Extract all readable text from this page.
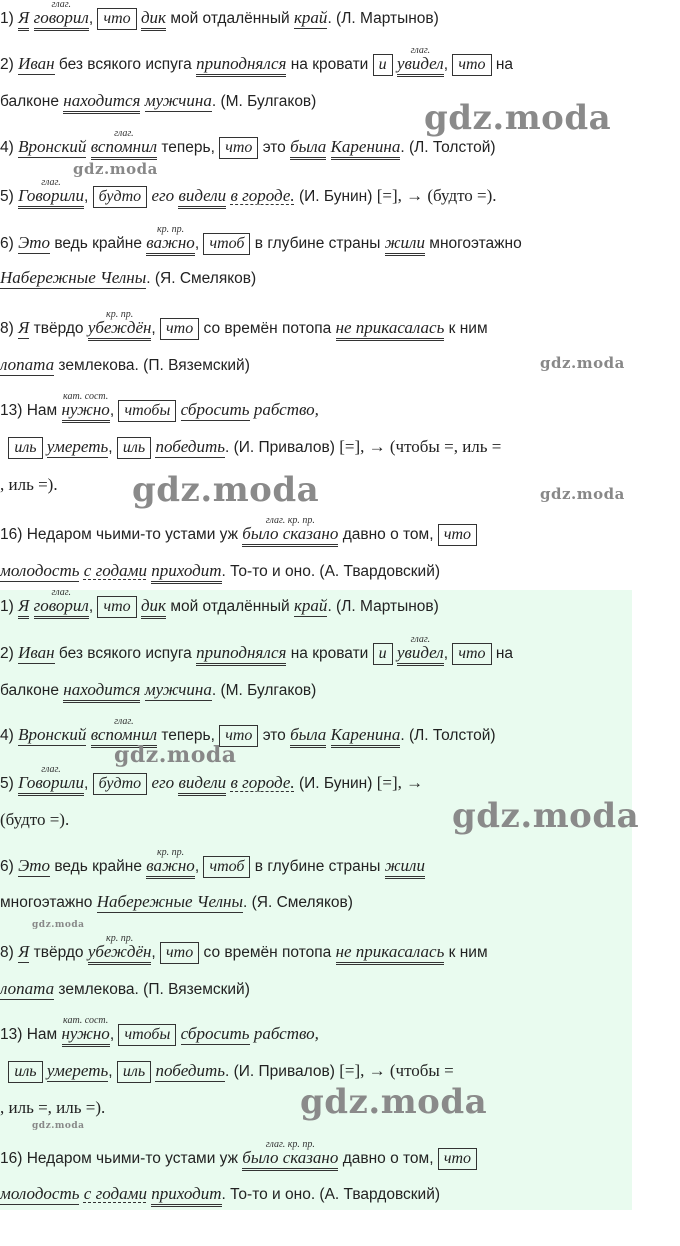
1) Я
глаг.
говорил, что дик мой отдалённый край. (Л. Мартынов)
2) Иван без всякого испуга приподнялся на кровати и
глаг.
увидел, что на
балконе находится мужчина. (М. Булгаков)
4) Вронский
глаг.
вспомнил теперь, что это была Каренина. (Л. Толстой)
5)
глаг.
Говорили, будто его видели в городе. (И. Бунин) [=], → (будто =).
6) Это ведь крайне
кр. пр.
важно, чтоб в глубине страны жили многоэтажно
Набережные Челны. (Я. Смеляков)
8) Я твёрдо
кр. пр.
убеждён, что со времён потопа не прикасалась к ним
лопата землекова. (П. Вяземский)
13) Нам
кат. сост.
нужно, чтобы сбросить рабство,
иль умереть, иль победить. (И. Привалов) [=], → (чтобы =, иль =
, иль =).
16) Недаром чьими-то устами уж
глаг. кр. пр.
было сказано давно о том, что
молодость с годами приходит. То-то и оно. (А. Твардовский)
gdz.moda
gdz.moda
gdz.moda
gdz.moda	gdz.moda
1) Я
глаг.
говорил, что дик мой отдалённый край. (Л. Мартынов)
2) Иван без всякого испуга приподнялся на кровати и
глаг.
увидел, что на
балконе находится мужчина. (М. Булгаков)
4) Вронский
глаг.
вспомнил теперь, что это была Каренина. (Л. Толстой)
5)
глаг.
Говорили, будто его видели в городе. (И. Бунин) [=], →
(будто =).
6) Это ведь крайне
кр. пр.
важно, чтоб в глубине страны жили
многоэтажно Набережные Челны. (Я. Смеляков)
8) Я твёрдо
кр. пр.
убеждён, что со времён потопа не прикасалась к ним
лопата землекова. (П. Вяземский)
13) Нам
кат. сост.
нужно, чтобы сбросить рабство,
иль умереть, иль победить. (И. Привалов) [=], → (чтобы =
, иль =, иль =).
16) Недаром чьими-то устами уж
глаг. кр. пр.
было сказано давно о том, что
молодость с годами приходит. То-то и оно. (А. Твардовский)
gdz.moda
gdz.moda
gdz.moda
gdz.moda
gdz.moda
